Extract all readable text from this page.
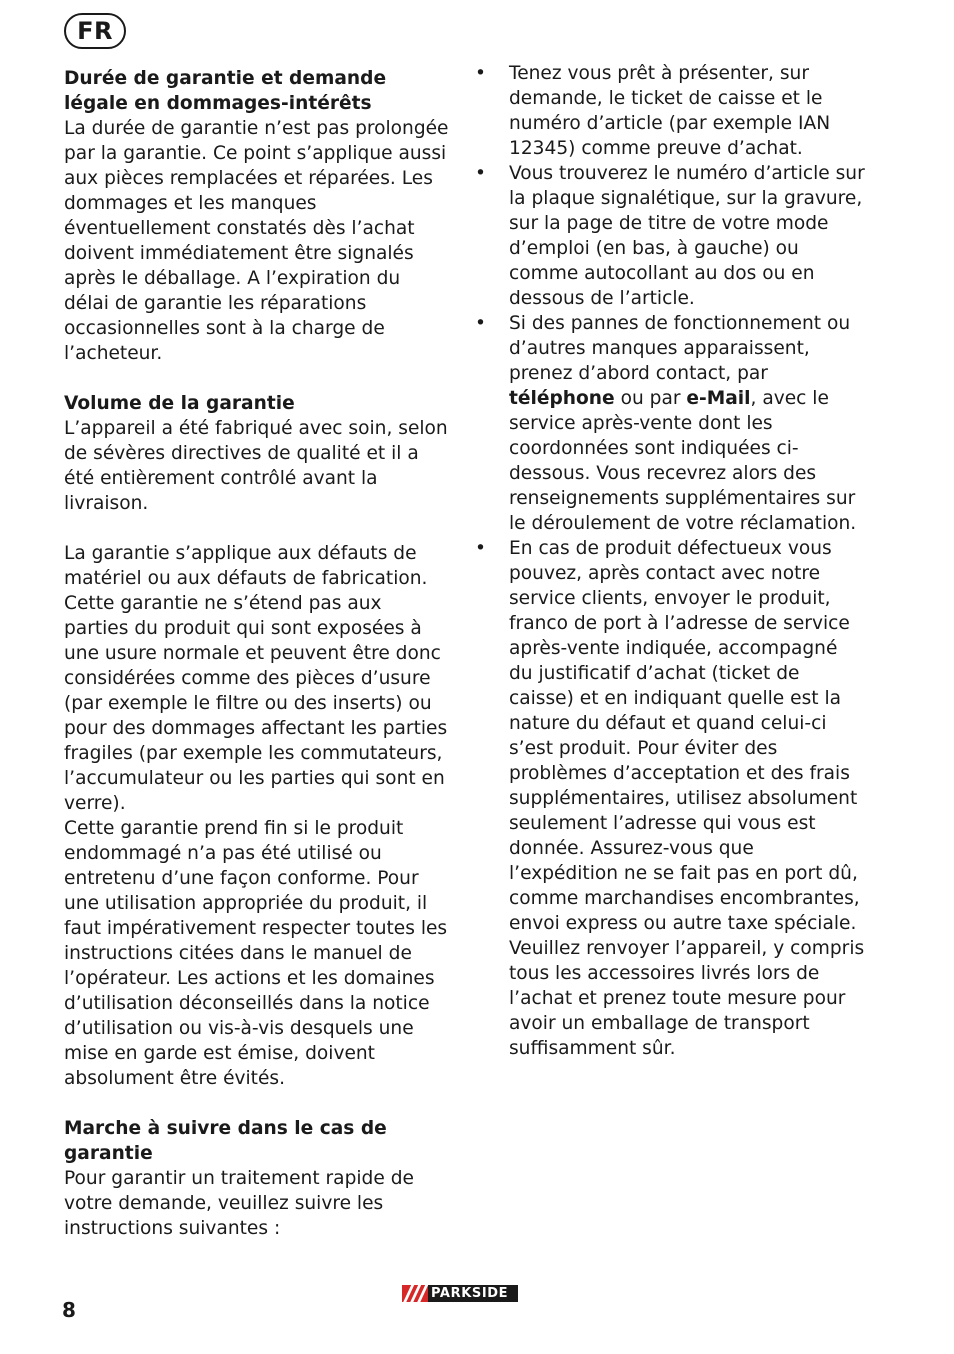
FR
Durée de garantie et demande légale en dommages-intérêts

La durée de garantie n’est pas prolongée par la garantie. Ce point s’applique aussi aux pièces remplacées et réparées. Les dommages et les manques éventuellement constatés dès l’achat doivent immédiatement être signalés après le déballage. A l’expiration du délai de garantie les réparations occasionnelles sont à la charge de l’acheteur.

Volume de la garantie

L’appareil a été fabriqué avec soin, selon de sévères directives de qualité et il a été entièrement contrôlé avant la livraison.

La garantie s’applique aux défauts de matériel ou aux défauts de fabrication. Cette garantie ne s’étend pas aux parties du produit qui sont exposées à une usure normale et peuvent être donc considérées comme des pièces d’usure (par exemple le filtre ou des inserts) ou pour des dommages affectant les parties fragiles (par exemple les commutateurs, l’accumulateur ou les parties qui sont en verre).

Cette garantie prend fin si le produit endommagé n’a pas été utilisé ou entretenu d’une façon conforme. Pour une utilisation appropriée du produit, il faut impérativement respecter toutes les instructions citées dans le manuel de l’opérateur. Les actions et les domaines d’utilisation déconseillés dans la notice d’utilisation ou vis-à-vis desquels une mise en garde est émise, doivent absolument être évités.

Marche à suivre dans le cas de garantie

Pour garantir un traitement rapide de votre demande, veuillez suivre les instructions suivantes :

•	Tenez vous prêt à présenter, sur demande, le ticket de caisse et le numéro d’article (par exemple IAN 12345) comme preuve d’achat.
•	Vous trouverez le numéro d’article sur la plaque signalétique, sur la gravure, sur la page de titre de votre mode d’emploi (en bas, à gauche) ou comme autocollant au dos ou en dessous de l’article.
•	Si des pannes de fonctionnement ou d’autres manques apparaissent, prenez d’abord contact, par téléphone ou par e-Mail, avec le service après-vente dont les coordonnées sont indiquées ci-dessous. Vous recevrez alors des renseignements supplémentaires sur le déroulement de votre réclamation.
•	En cas de produit défectueux vous pouvez, après contact avec notre service clients, envoyer le produit, franco de port à l’adresse de service après-vente indiquée, accompagné du justificatif d’achat (ticket de caisse) et en indiquant quelle est la nature du défaut et quand celui-ci s’est produit. Pour éviter des problèmes d’acceptation et des frais supplémentaires, utilisez absolument seulement l’adresse qui vous est donnée. Assurez-vous que l’expédition ne se fait pas en port dû, comme marchandises encombrantes, envoi express ou autre taxe spéciale. Veuillez renvoyer l’appareil, y compris tous les accessoires livrés lors de l’achat et prenez toute mesure pour avoir un emballage de transport suffisamment sûr.
8
PARKSIDE
